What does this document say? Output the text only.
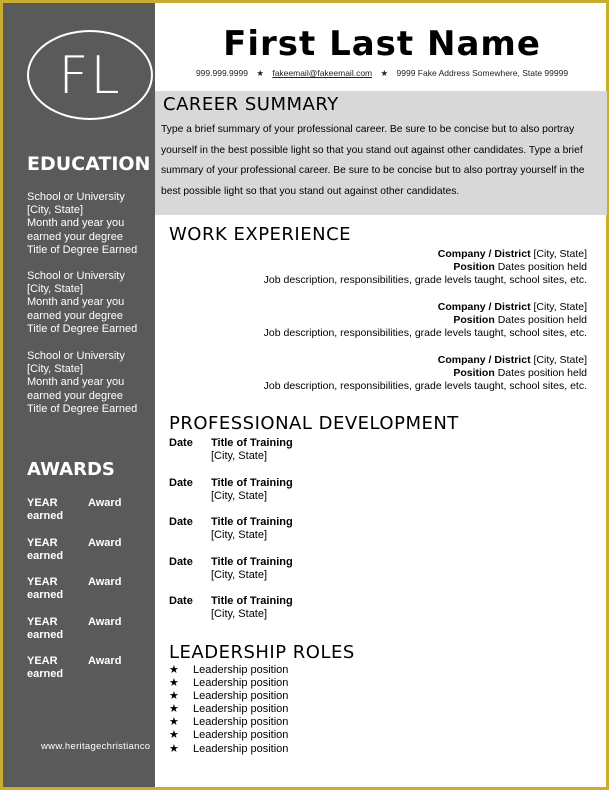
FL
EDUCATION
School or University
[City, State]
Month and year you
earned your degree
Title of Degree Earned
School or University
[City, State]
Month and year you
earned your degree
Title of Degree Earned
School or University
[City, State]
Month and year you
earned your degree
Title of Degree Earned
AWARDS
YEAR
earned
Award
YEAR
earned
Award
YEAR
earned
Award
YEAR
earned
Award
YEAR
earned
Award
www.heritagechristianco
First Last Name
999.999.9999 ★ fakeemail@fakeemail.com ★ 9999 Fake Address Somewhere, State 99999
CAREER SUMMARY
Type a brief summary of your professional career. Be sure to be concise but to also portray yourself in the best possible light so that you stand out against other candidates. Type a brief summary of your professional career. Be sure to be concise but to also portray yourself in the best possible light so that you stand out against other candidates.
WORK EXPERIENCE
Company / District [City, State]
Position Dates position held
Job description, responsibilities, grade levels taught, school sites, etc.
Company / District [City, State]
Position Dates position held
Job description, responsibilities, grade levels taught, school sites, etc.
Company / District [City, State]
Position Dates position held
Job description, responsibilities, grade levels taught, school sites, etc.
PROFESSIONAL DEVELOPMENT
Date Title of Training
[City, State]
Date Title of Training
[City, State]
Date Title of Training
[City, State]
Date Title of Training
[City, State]
Date Title of Training
[City, State]
LEADERSHIP ROLES
★ Leadership position
★ Leadership position
★ Leadership position
★ Leadership position
★ Leadership position
★ Leadership position
★ Leadership position
